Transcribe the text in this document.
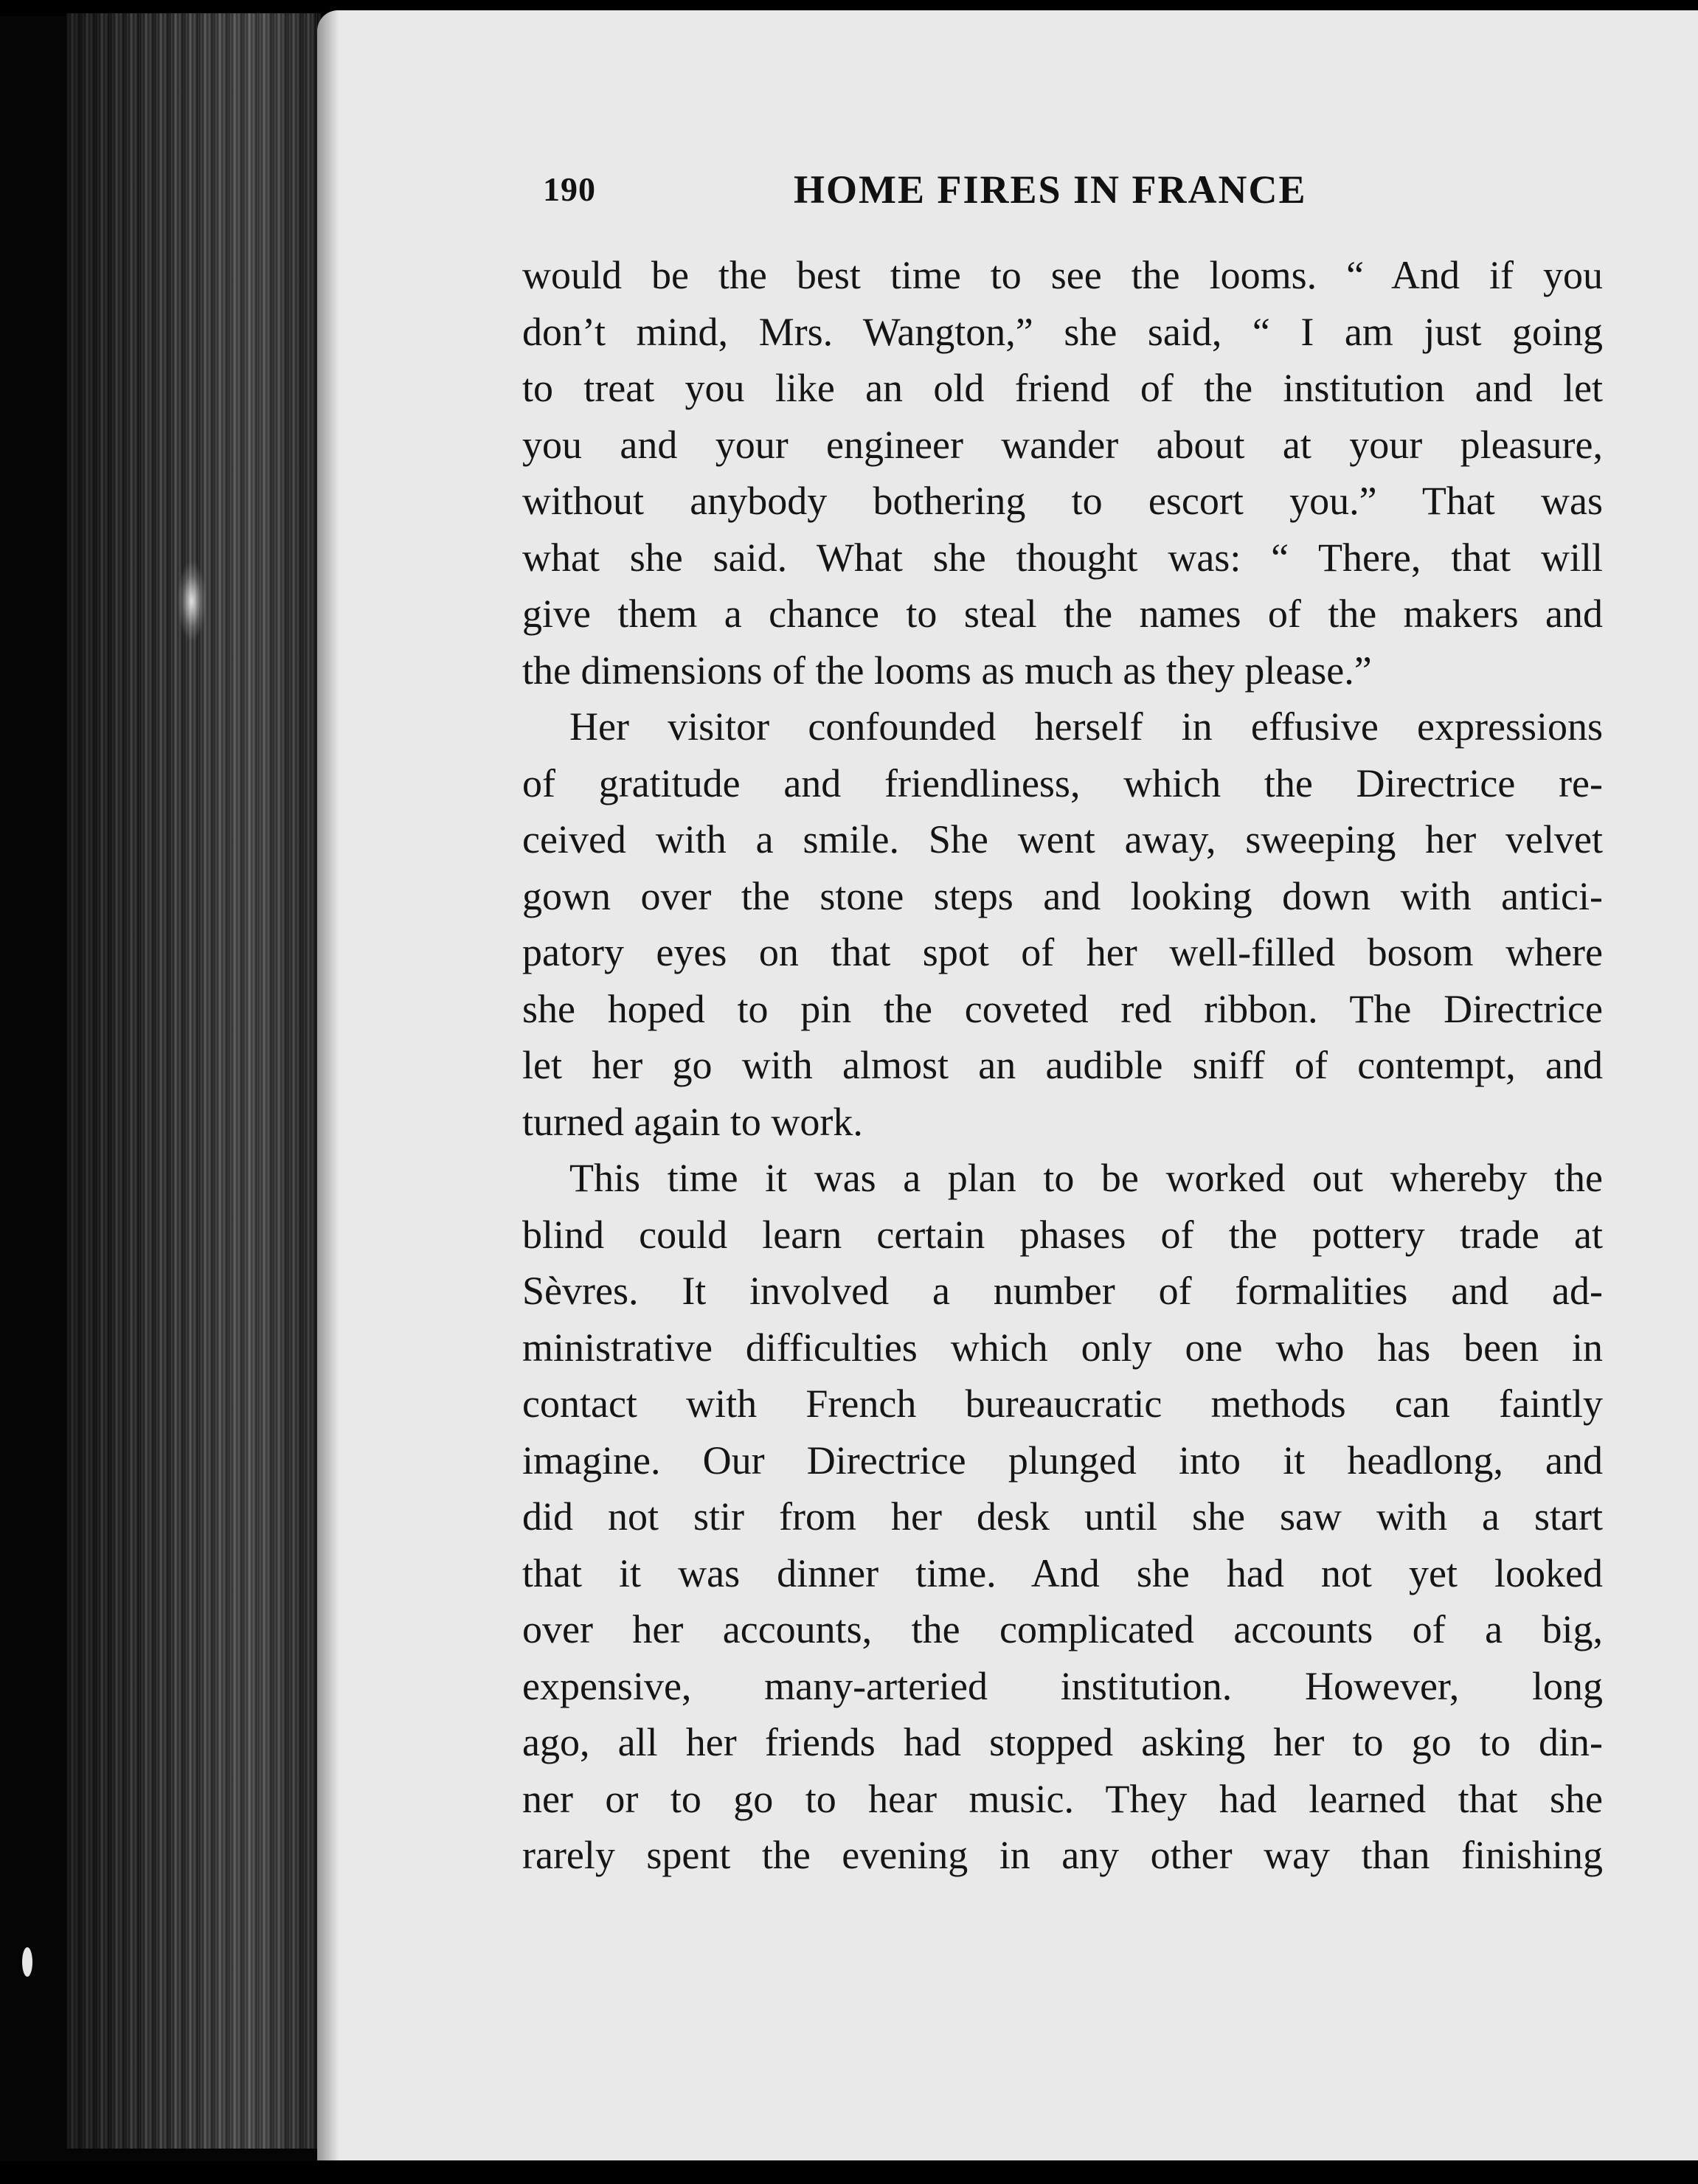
190	HOME FIRES IN FRANCE
would be the best time to see the looms. “ And if you
don’t mind, Mrs. Wangton,” she said, “ I am just going
to treat you like an old friend of the institution and let
you and your engineer wander about at your pleasure,
without anybody bothering to escort you.” That was
what she said. What she thought was: “ There, that will
give them a chance to steal the names of the makers and
the dimensions of the looms as much as they please.”
Her visitor confounded herself in effusive expressions
of gratitude and friendliness, which the Directrice re-
ceived with a smile. She went away, sweeping her velvet
gown over the stone steps and looking down with antici-
patory eyes on that spot of her well-filled bosom where
she hoped to pin the coveted red ribbon. The Directrice
let her go with almost an audible sniff of contempt, and
turned again to work.
This time it was a plan to be worked out whereby the
blind could learn certain phases of the pottery trade at
Sèvres. It involved a number of formalities and ad-
ministrative difficulties which only one who has been in
contact with French bureaucratic methods can faintly
imagine. Our Directrice plunged into it headlong, and
did not stir from her desk until she saw with a start
that it was dinner time. And she had not yet looked
over her accounts, the complicated accounts of a big,
expensive, many-arteried institution. However, long
ago, all her friends had stopped asking her to go to din-
ner or to go to hear music. They had learned that she
rarely spent the evening in any other way than finishing
